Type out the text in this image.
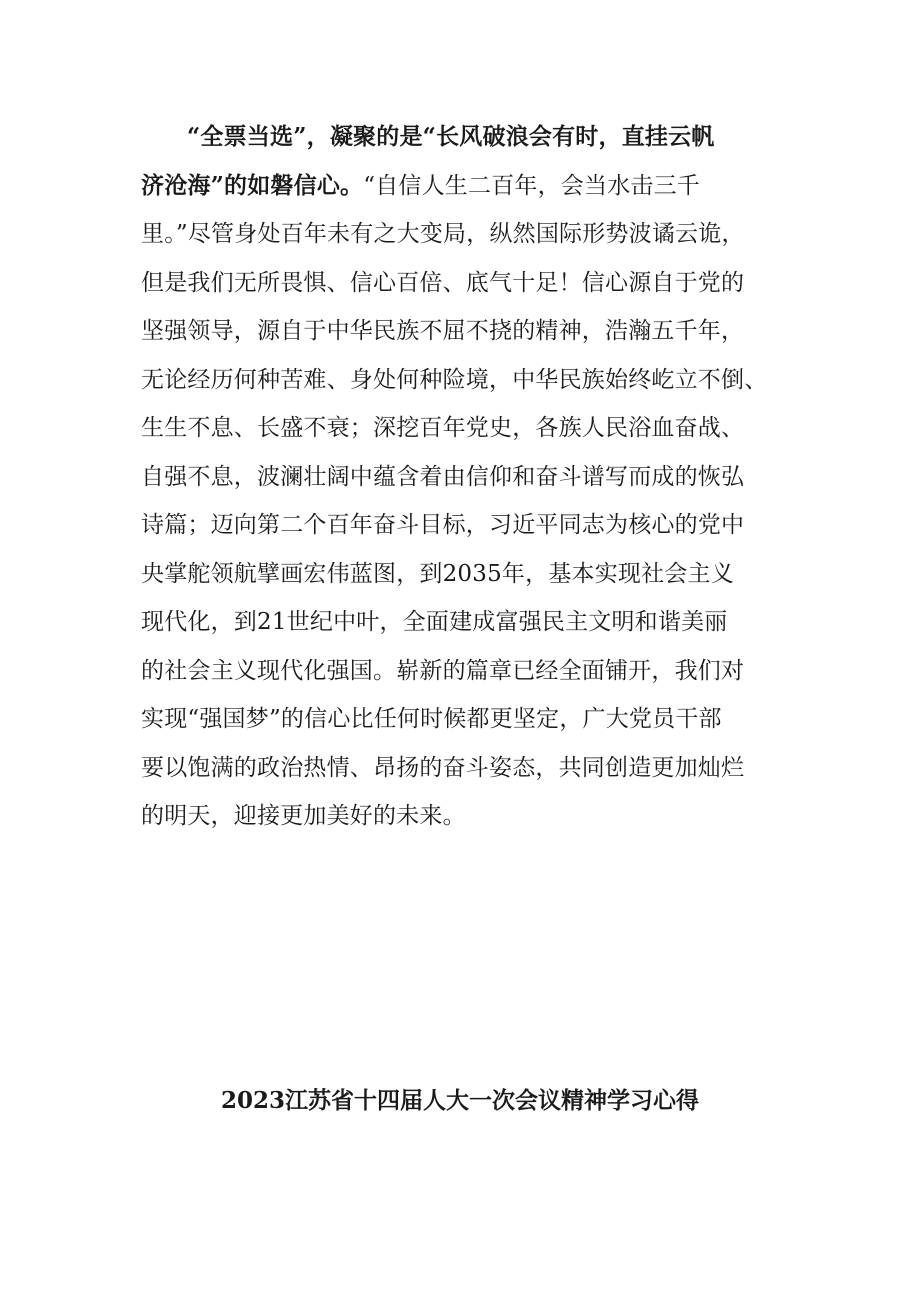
“全票当选”，凝聚的是“长风破浪会有时，直挂云帆
济沧海”的如磐信心。“自信人生二百年，会当水击三千
里。”尽管身处百年未有之大变局，纵然国际形势波谲云诡，
但是我们无所畏惧、信心百倍、底气十足！信心源自于党的
坚强领导，源自于中华民族不屈不挠的精神，浩瀚五千年，
无论经历何种苦难、身处何种险境，中华民族始终屹立不倒、
生生不息、长盛不衰；深挖百年党史，各族人民浴血奋战、
自强不息，波澜壮阔中蕴含着由信仰和奋斗谱写而成的恢弘
诗篇；迈向第二个百年奋斗目标，习近平同志为核心的党中
央掌舵领航擘画宏伟蓝图，到2035年，基本实现社会主义
现代化，到21世纪中叶，全面建成富强民主文明和谐美丽
的社会主义现代化强国。崭新的篇章已经全面铺开，我们对
实现“强国梦”的信心比任何时候都更坚定，广大党员干部
要以饱满的政治热情、昂扬的奋斗姿态，共同创造更加灿烂
的明天，迎接更加美好的未来。
2023江苏省十四届人大一次会议精神学习心得
